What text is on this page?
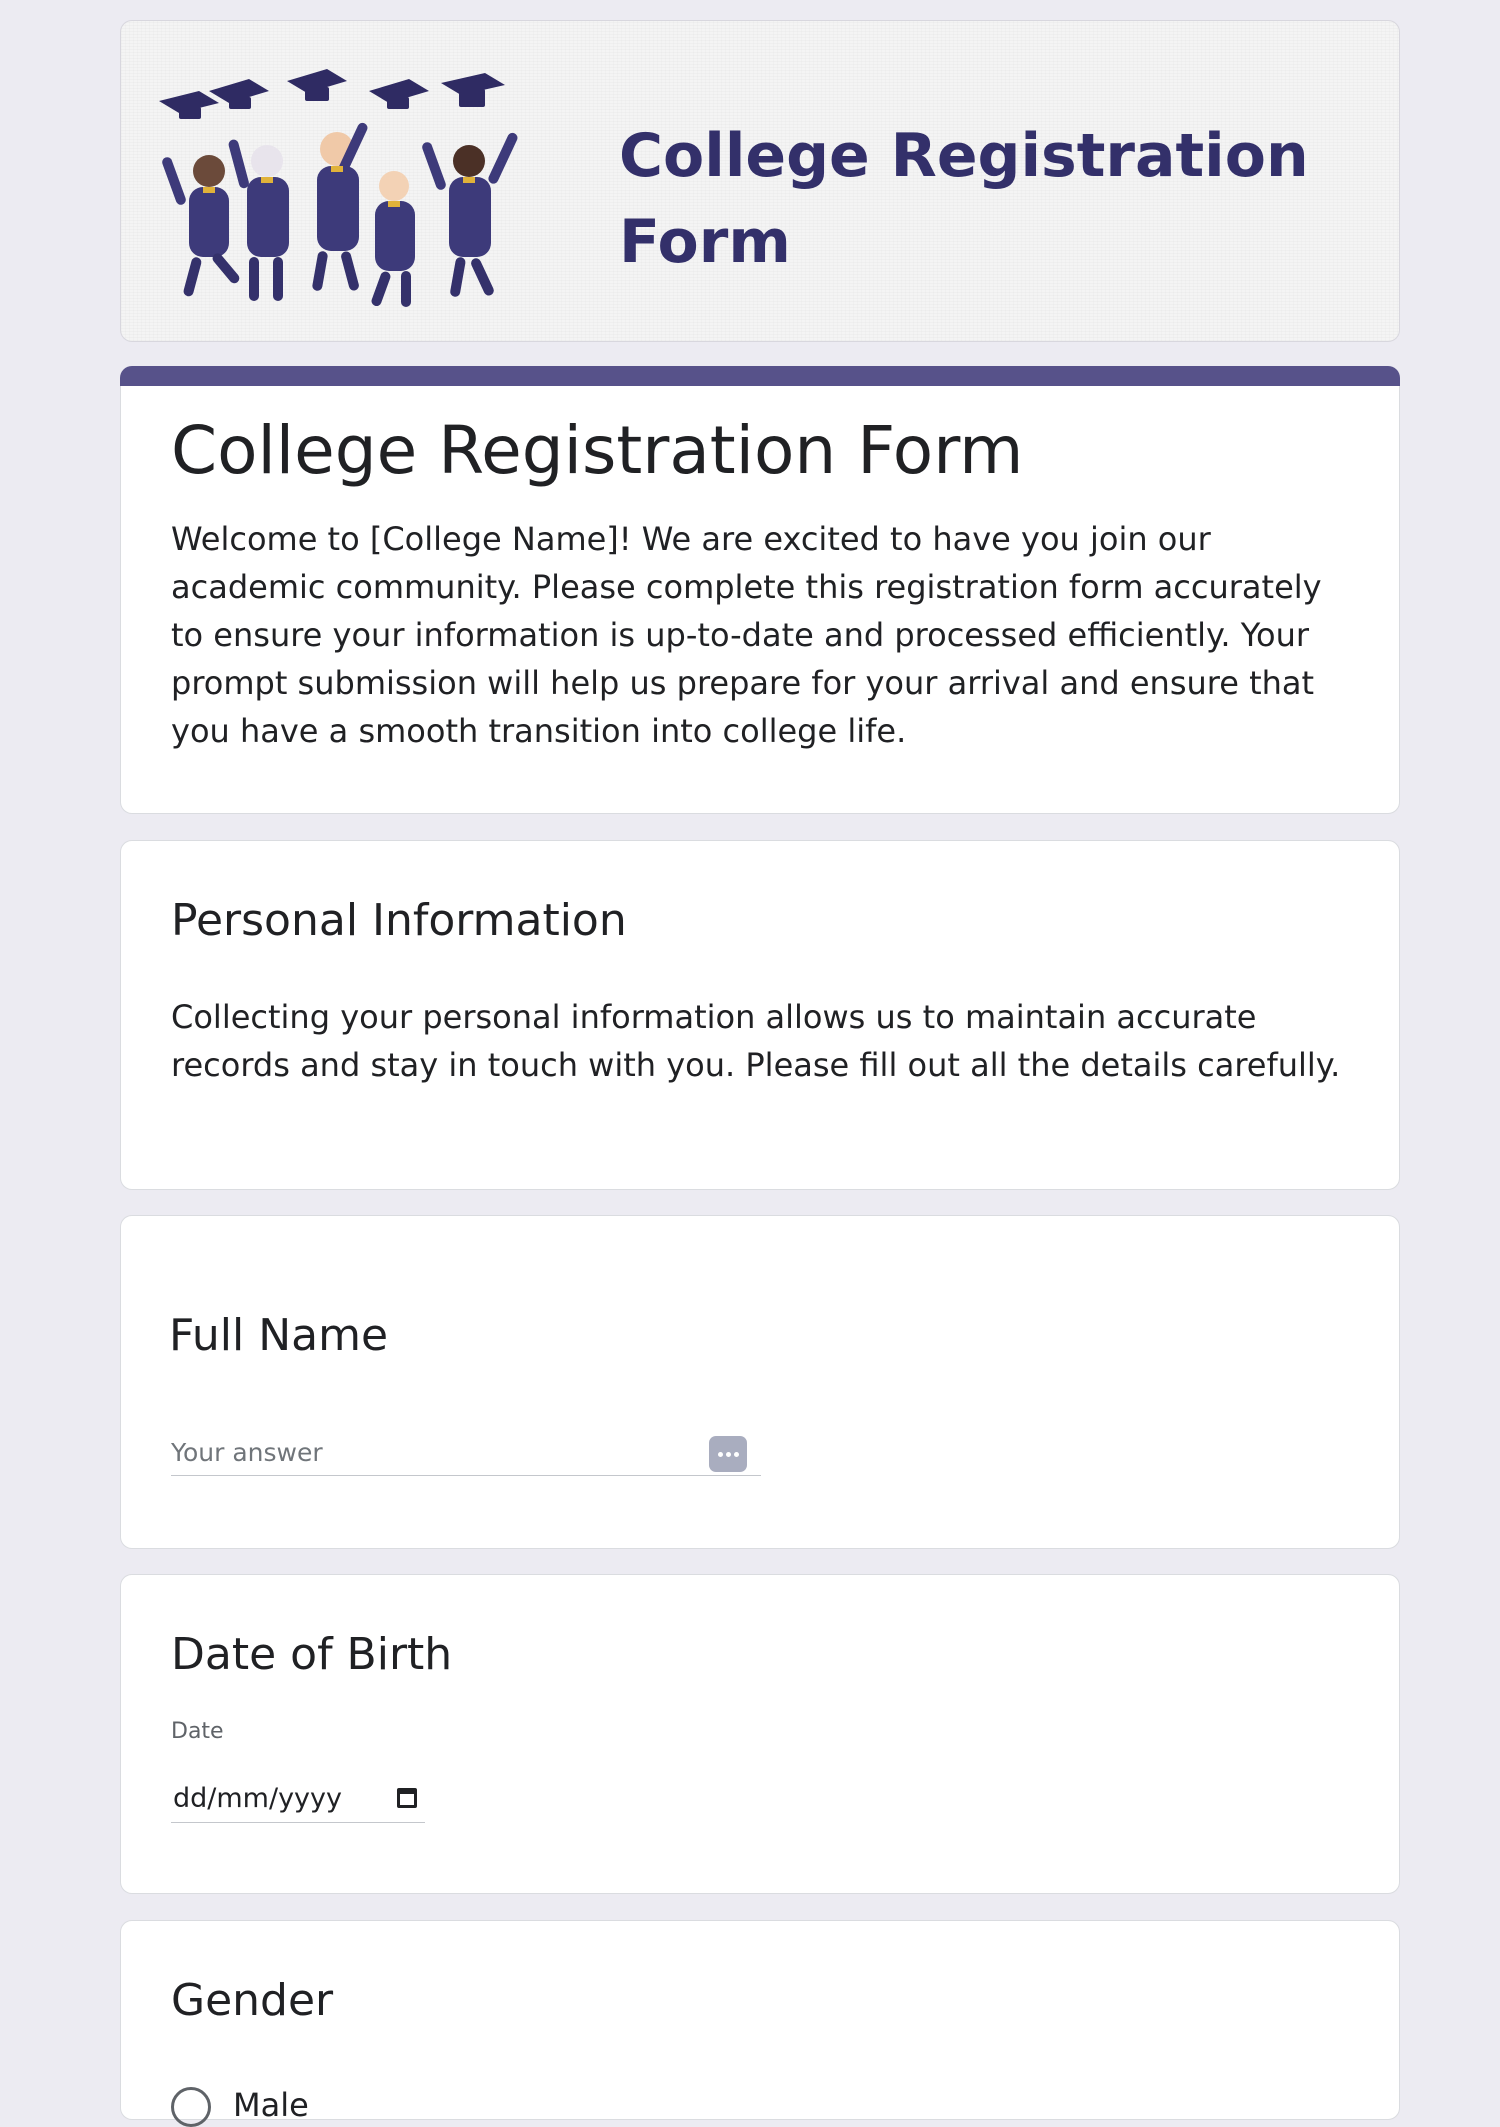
College Registration Form
College Registration Form
Welcome to [College Name]! We are excited to have you join our academic community. Please complete this registration form accurately to ensure your information is up-to-date and processed efficiently. Your prompt submission will help us prepare for your arrival and ensure that you have a smooth transition into college life.
Personal Information
Collecting your personal information allows us to maintain accurate records and stay in touch with you. Please fill out all the details carefully.
Full Name
Your answer
Date of Birth
Date
dd/mm/yyyy
Gender
Male
